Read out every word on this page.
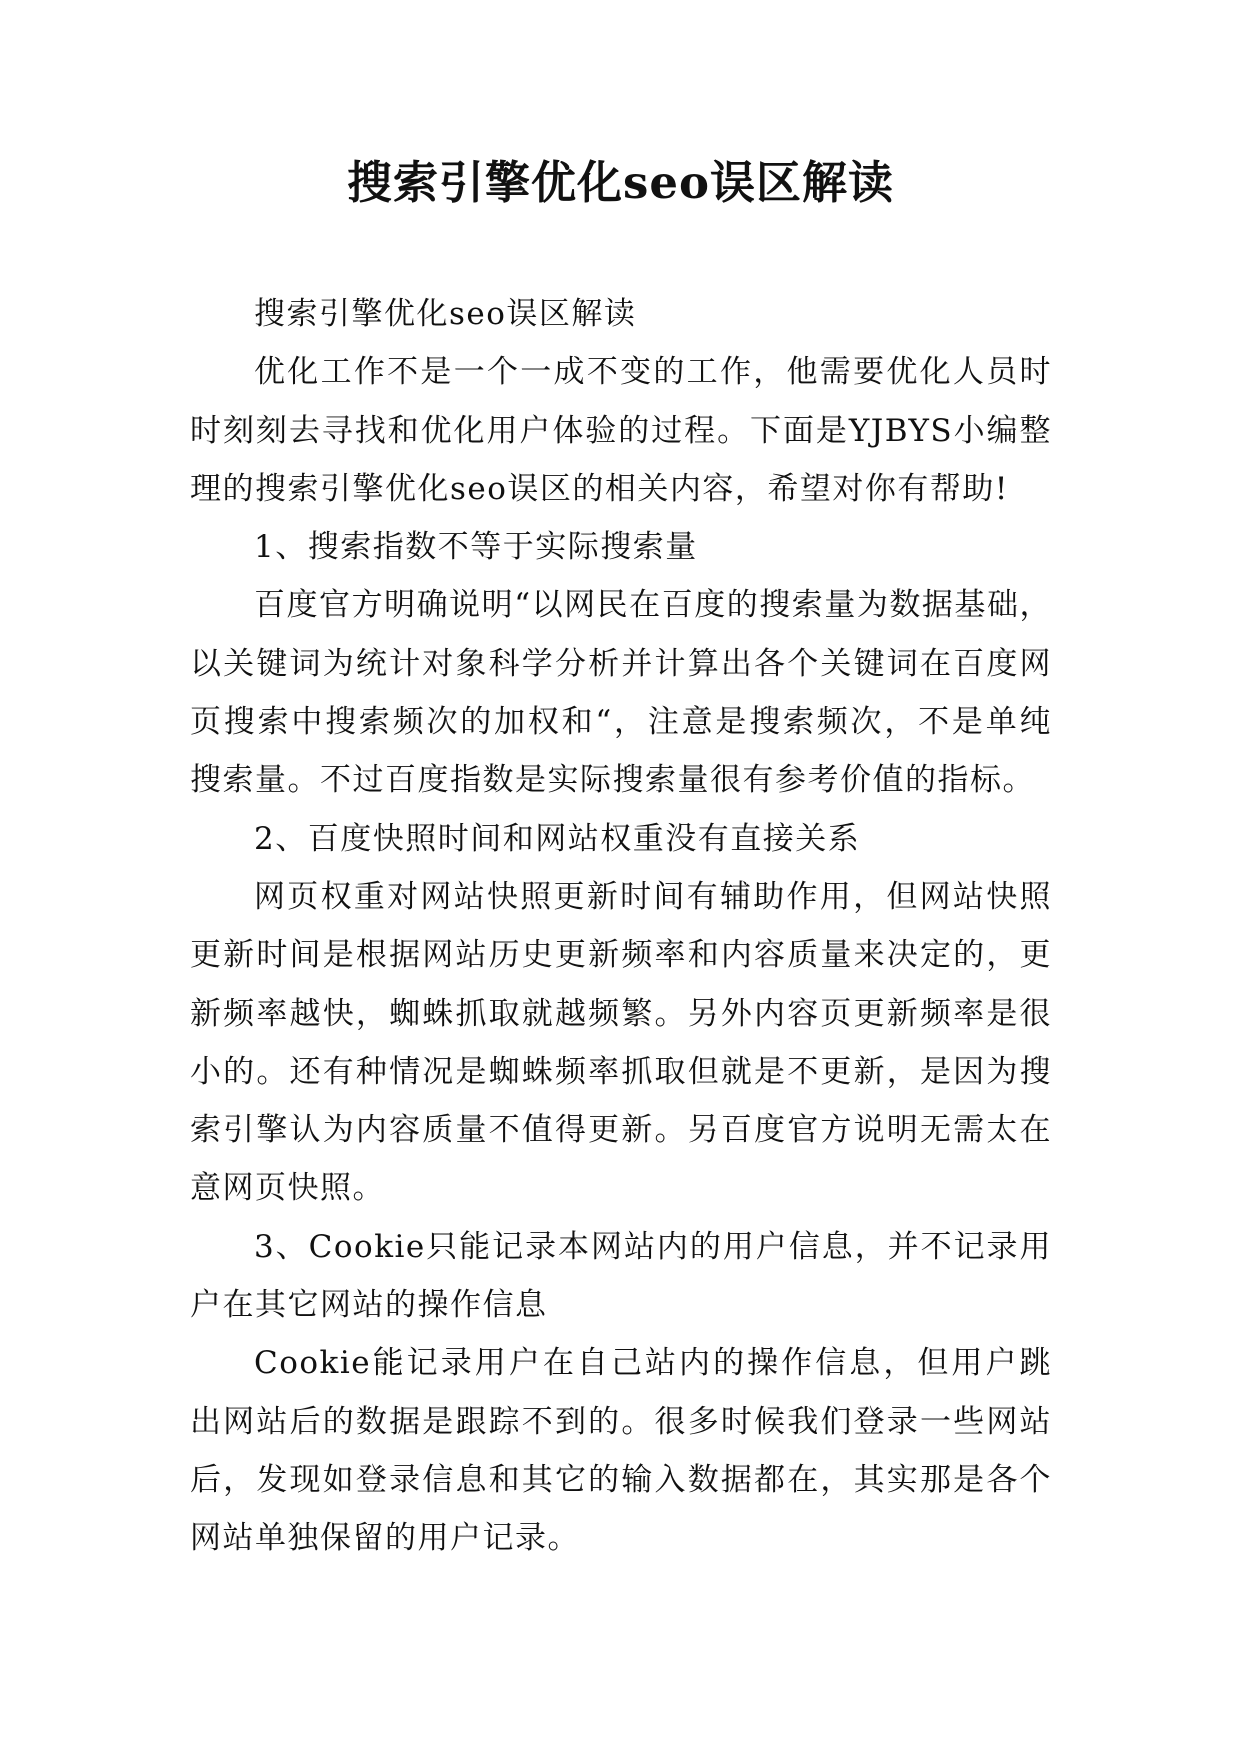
搜索引擎优化seo误区解读

搜索引擎优化seo误区解读

优化工作不是一个一成不变的工作，他需要优化人员时时刻刻去寻找和优化用户体验的过程。下面是YJBYS小编整理的搜索引擎优化seo误区的相关内容，希望对你有帮助!

1、搜索指数不等于实际搜索量

百度官方明确说明“以网民在百度的搜索量为数据基础，以关键词为统计对象科学分析并计算出各个关键词在百度网页搜索中搜索频次的加权和“，注意是搜索频次，不是单纯搜索量。不过百度指数是实际搜索量很有参考价值的指标。

2、百度快照时间和网站权重没有直接关系

网页权重对网站快照更新时间有辅助作用，但网站快照更新时间是根据网站历史更新频率和内容质量来决定的，更新频率越快，蜘蛛抓取就越频繁。另外内容页更新频率是很小的。还有种情况是蜘蛛频率抓取但就是不更新，是因为搜索引擎认为内容质量不值得更新。另百度官方说明无需太在意网页快照。

3、Cookie只能记录本网站内的用户信息，并不记录用户在其它网站的操作信息

Cookie能记录用户在自己站内的操作信息，但用户跳出网站后的数据是跟踪不到的。很多时候我们登录一些网站后，发现如登录信息和其它的输入数据都在，其实那是各个网站单独保留的用户记录。
